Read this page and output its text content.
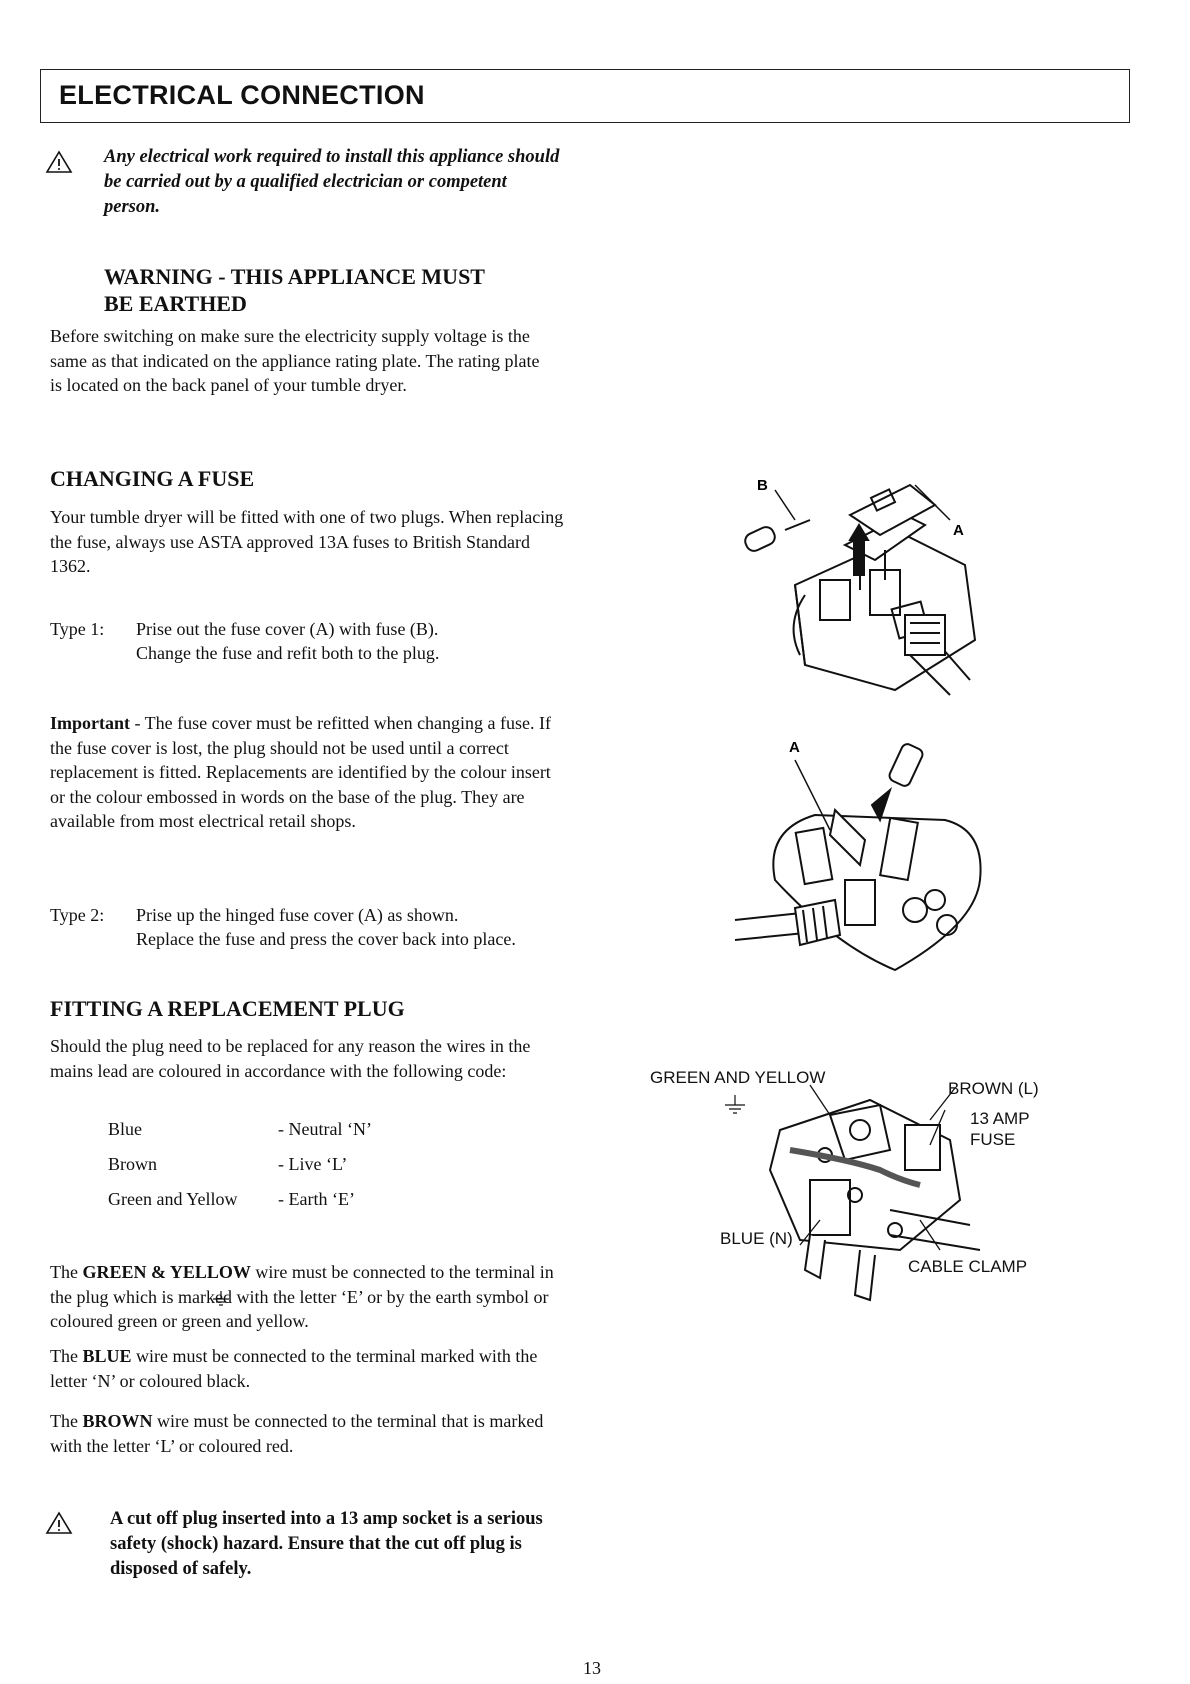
ELECTRICAL CONNECTION
Any electrical work required to install this appliance should be carried out by a qualified electrician or competent person.
WARNING - THIS APPLIANCE MUST
BE EARTHED

Before switching on make sure the electricity supply voltage is the same as that indicated on the appliance rating plate. The rating plate is located on the back panel of your tumble dryer.

CHANGING A FUSE

Your tumble dryer will be fitted with one of two plugs. When replacing the fuse, always use ASTA approved 13A fuses to British Standard 1362.

Type 1: Prise out the fuse cover (A) with fuse (B).
Change the fuse and refit both to the plug.

Important - The fuse cover must be refitted when changing a fuse. If the fuse cover is lost, the plug should not be used until a correct replacement is fitted. Replacements are identified by the colour insert or the colour embossed in words on the base of the plug. They are available from most electrical retail shops.

Type 2: Prise up the hinged fuse cover (A) as shown.
Replace the fuse and press the cover back into place.
FITTING A REPLACEMENT PLUG

Should the plug need to be replaced for any reason the wires in the mains lead are coloured in accordance with the following code:

Blue	- Neutral ‘N’
Brown	- Live ‘L’
Green and Yellow - Earth ‘E’

The GREEN & YELLOW wire must be connected to the terminal in the plug which is marked with the letter ‘E’ or by the earth symbol or coloured green or green and yellow.

The BLUE wire must be connected to the terminal marked with the letter ‘N’ or coloured black.

The BROWN wire must be connected to the terminal that is marked with the letter ‘L’ or coloured red.

A cut off plug inserted into a 13 amp socket is a serious safety (shock) hazard. Ensure that the cut off plug is disposed of safely.
13
B
A
A
GREEN AND YELLOW
BROWN (L)
13 AMP
FUSE
BLUE (N)
CABLE CLAMP
